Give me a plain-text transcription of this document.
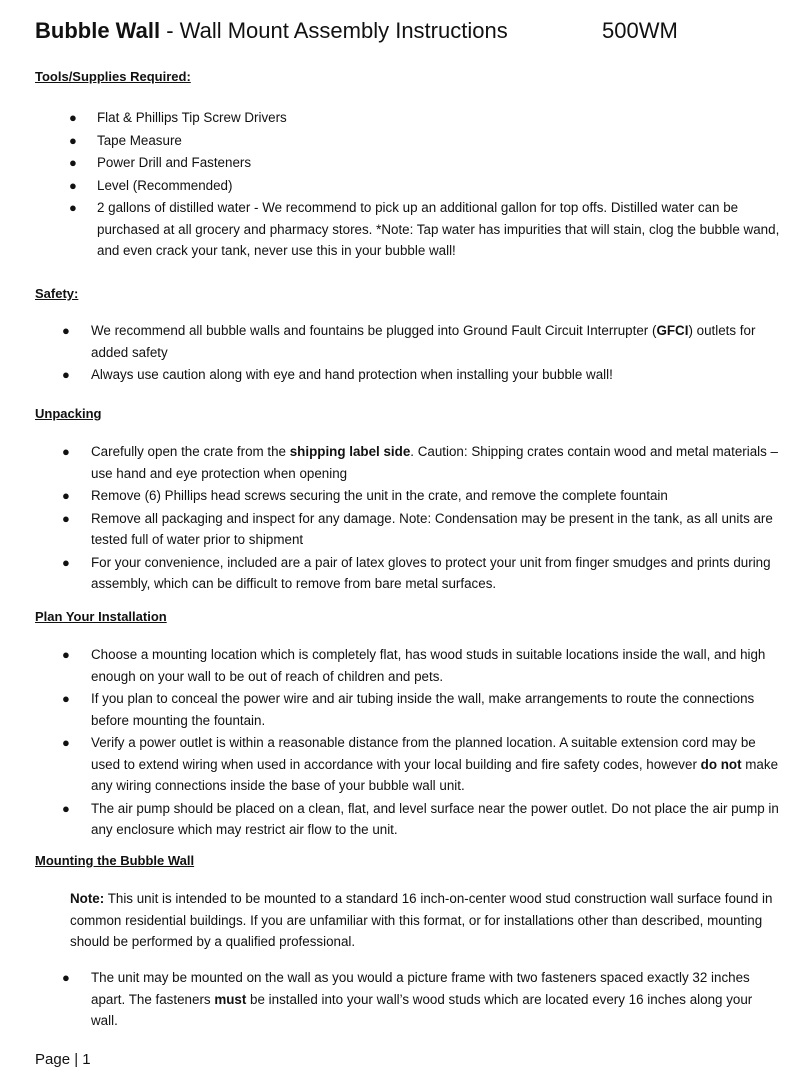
Bubble Wall - Wall Mount Assembly Instructions	500WM
Tools/Supplies Required:
● Flat & Phillips Tip Screw Drivers
● Tape Measure
● Power Drill and Fasteners
● Level (Recommended)
● 2 gallons of distilled water - We recommend to pick up an additional gallon for top offs. Distilled water can be purchased at all grocery and pharmacy stores. *Note: Tap water has impurities that will stain, clog the bubble wand, and even crack your tank, never use this in your bubble wall!
Safety:
● We recommend all bubble walls and fountains be plugged into Ground Fault Circuit Interrupter (GFCI) outlets for added safety
● Always use caution along with eye and hand protection when installing your bubble wall!
Unpacking
● Carefully open the crate from the shipping label side. Caution: Shipping crates contain wood and metal materials – use hand and eye protection when opening
● Remove (6) Phillips head screws securing the unit in the crate, and remove the complete fountain
● Remove all packaging and inspect for any damage. Note: Condensation may be present in the tank, as all units are tested full of water prior to shipment
● For your convenience, included are a pair of latex gloves to protect your unit from finger smudges and prints during assembly, which can be difficult to remove from bare metal surfaces.
Plan Your Installation
● Choose a mounting location which is completely flat, has wood studs in suitable locations inside the wall, and high enough on your wall to be out of reach of children and pets.
● If you plan to conceal the power wire and air tubing inside the wall, make arrangements to route the connections before mounting the fountain.
● Verify a power outlet is within a reasonable distance from the planned location. A suitable extension cord may be used to extend wiring when used in accordance with your local building and fire safety codes, however do not make any wiring connections inside the base of your bubble wall unit.
● The air pump should be placed on a clean, flat, and level surface near the power outlet. Do not place the air pump in any enclosure which may restrict air flow to the unit.
Mounting the Bubble Wall
Note: This unit is intended to be mounted to a standard 16 inch-on-center wood stud construction wall surface found in common residential buildings. If you are unfamiliar with this format, or for installations other than described, mounting should be performed by a qualified professional.
● The unit may be mounted on the wall as you would a picture frame with two fasteners spaced exactly 32 inches apart. The fasteners must be installed into your wall’s wood studs which are located every 16 inches along your wall.
Page | 1
